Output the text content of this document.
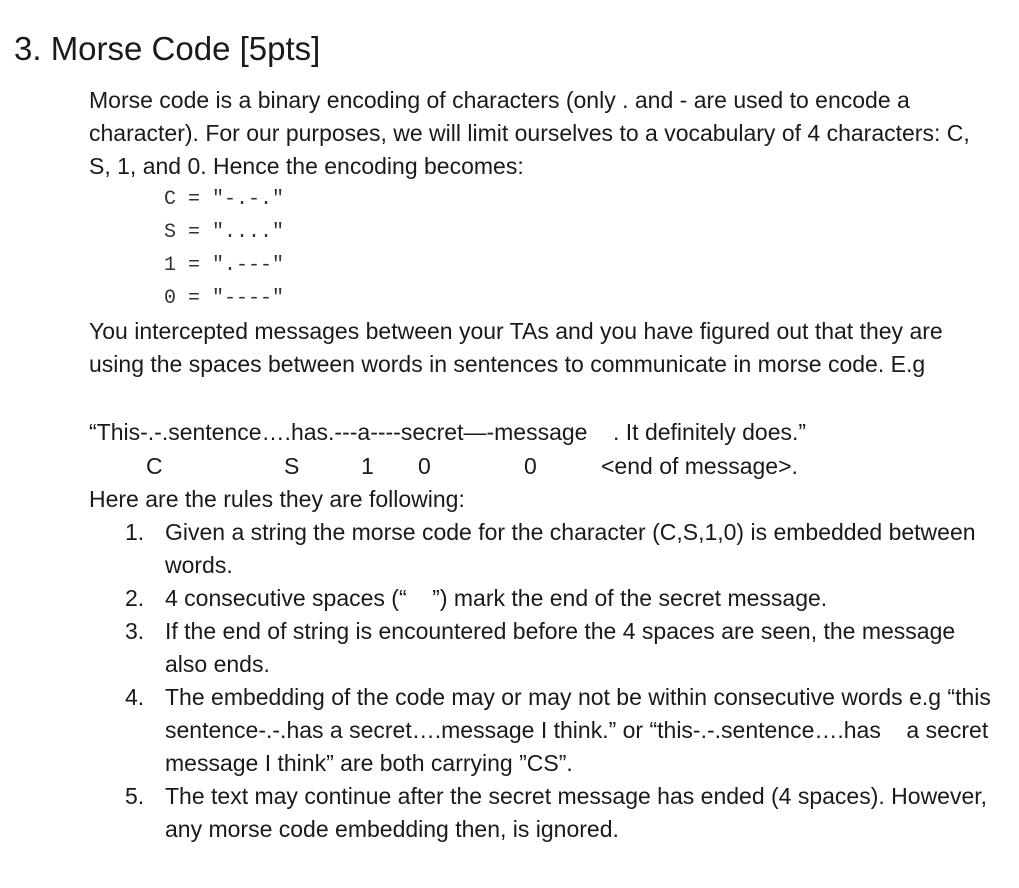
3. Morse Code [5pts]

Morse code is a binary encoding of characters (only . and - are used to encode a character). For our purposes, we will limit ourselves to a vocabulary of 4 characters: C, S, 1, and 0. Hence the encoding becomes:

C = "-.-."
S = "...."
1 = ".---"
0 = "----"

You intercepted messages between your TAs and you have figured out that they are using the spaces between words in sentences to communicate in morse code. E.g

“This-.-.sentence….has.---a----secret—-message    . It definitely does.”
C	S	1 0	0	<end of message>.
Here are the rules they are following:
1. Given a string the morse code for the character (C,S,1,0) is embedded between words.
2. 4 consecutive spaces (“    ”) mark the end of the secret message.
3. If the end of string is encountered before the 4 spaces are seen, the message also ends.
4. The embedding of the code may or may not be within consecutive words e.g “this sentence-.-.has a secret….message I think.” or “this-.-.sentence….has    a secret message I think” are both carrying ”CS”.
5. The text may continue after the secret message has ended (4 spaces). However, any morse code embedding then, is ignored.
